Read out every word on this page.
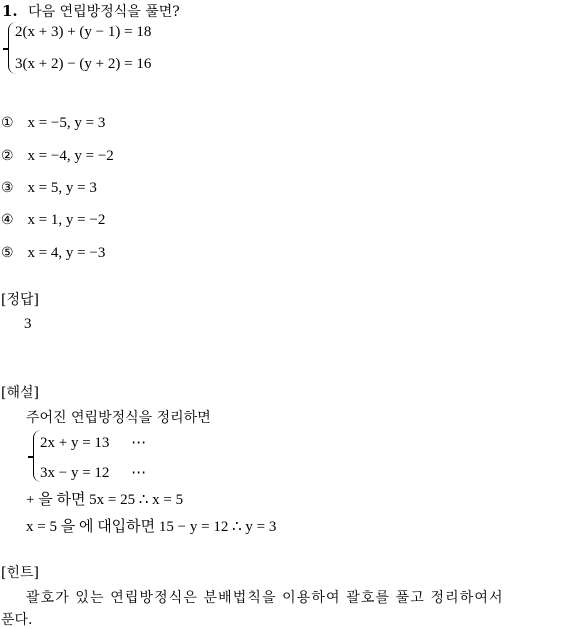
1. 다음 연립방정식을 풀면?
2(x + 3) + (y − 1) = 18
3(x + 2) − (y + 2) = 16
① x = −5, y = 3
② x = −4, y = −2
③ x = 5, y = 3
④ x = 1, y = −2
⑤ x = 4, y = −3
[정답]
3
[해설]
주어진 연립방정식을 정리하면
2x + y = 13 ⋯
3x − y = 12 ⋯
+ 을 하면 5x = 25 ∴ x = 5
x = 5 을 에 대입하면 15 − y = 12 ∴ y = 3
[힌트]
괄호가 있는 연립방정식은 분배법칙을 이용하여 괄호를 풀고 정리하여서
푼다.
